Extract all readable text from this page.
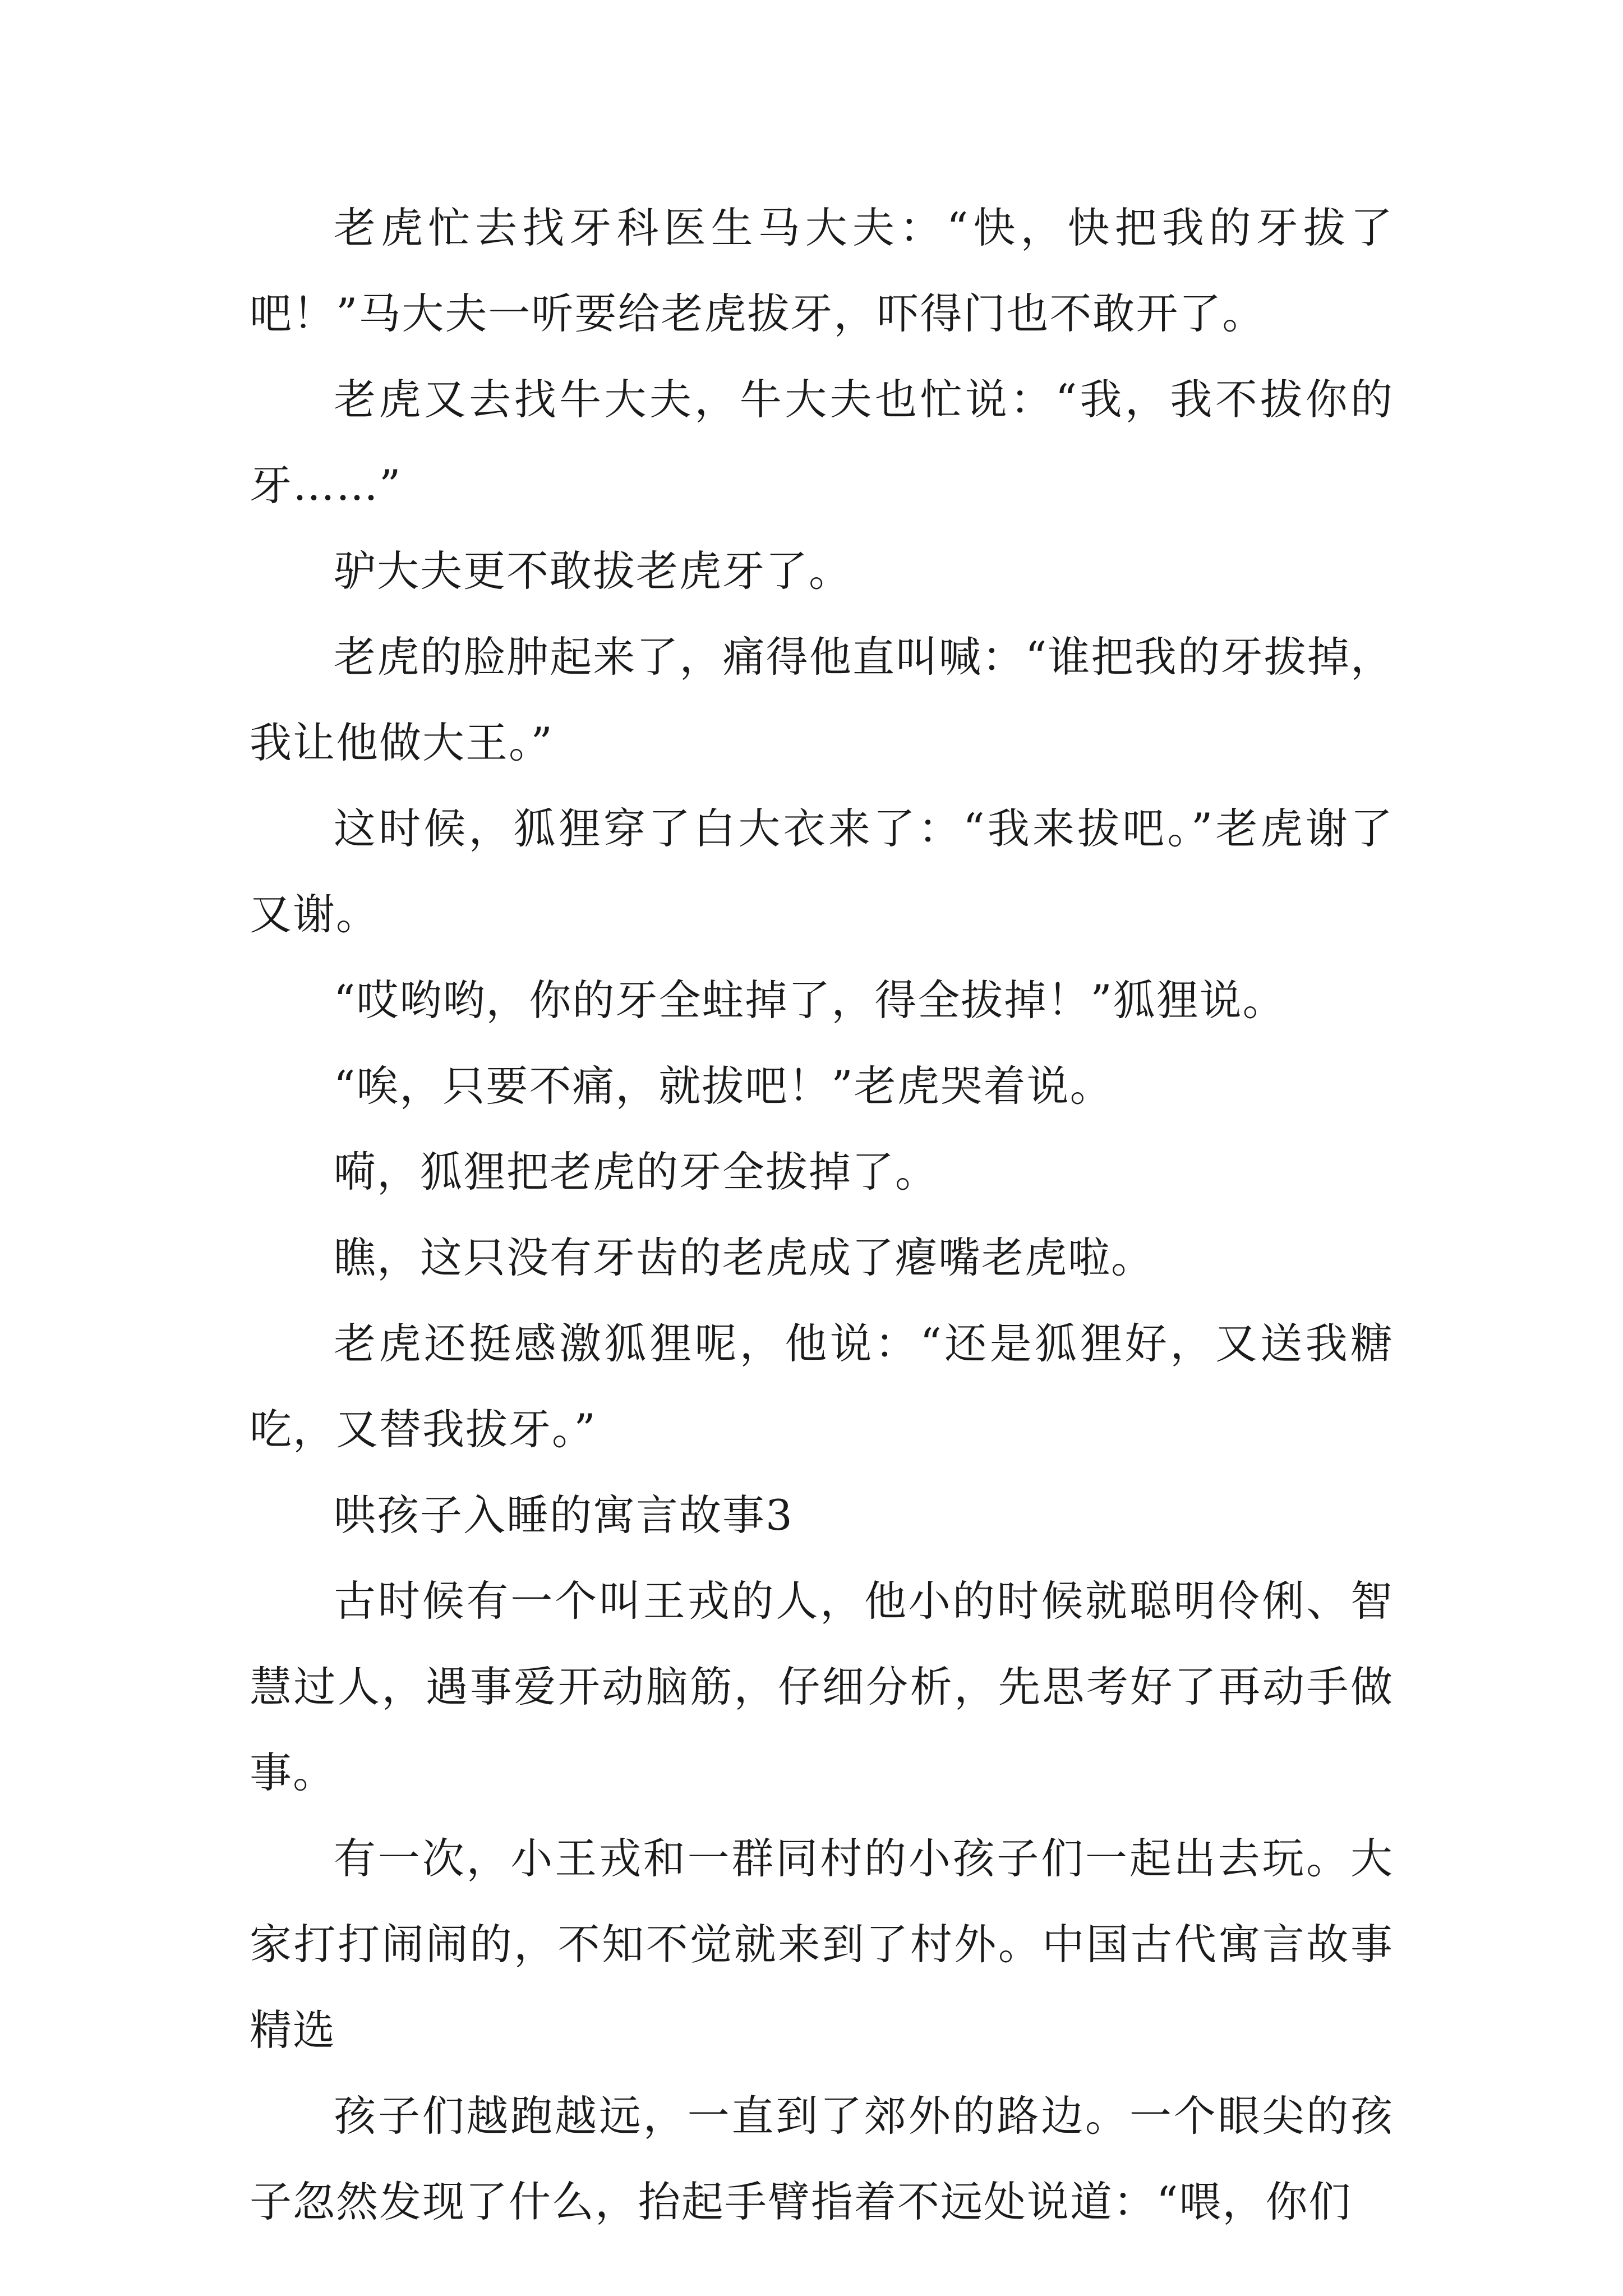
老虎忙去找牙科医生马大夫：“快，快把我的牙拔了吧！”马大夫一听要给老虎拔牙，吓得门也不敢开了。

老虎又去找牛大夫，牛大夫也忙说：“我，我不拔你的牙……”

驴大夫更不敢拔老虎牙了。

老虎的脸肿起来了，痛得他直叫喊：“谁把我的牙拔掉，我让他做大王。”

这时候，狐狸穿了白大衣来了：“我来拔吧。”老虎谢了又谢。

“哎哟哟，你的牙全蛀掉了，得全拔掉！”狐狸说。

“唉，只要不痛，就拔吧！”老虎哭着说。

嗬，狐狸把老虎的牙全拔掉了。

瞧，这只没有牙齿的老虎成了瘪嘴老虎啦。

老虎还挺感激狐狸呢，他说：“还是狐狸好，又送我糖吃，又替我拔牙。”

哄孩子入睡的寓言故事3

古时候有一个叫王戎的人，他小的时候就聪明伶俐、智慧过人，遇事爱开动脑筋，仔细分析，先思考好了再动手做事。

有一次，小王戎和一群同村的小孩子们一起出去玩。大家打打闹闹的，不知不觉就来到了村外。中国古代寓言故事精选

孩子们越跑越远，一直到了郊外的路边。一个眼尖的孩子忽然发现了什么，抬起手臂指着不远处说道：“喂，你们
